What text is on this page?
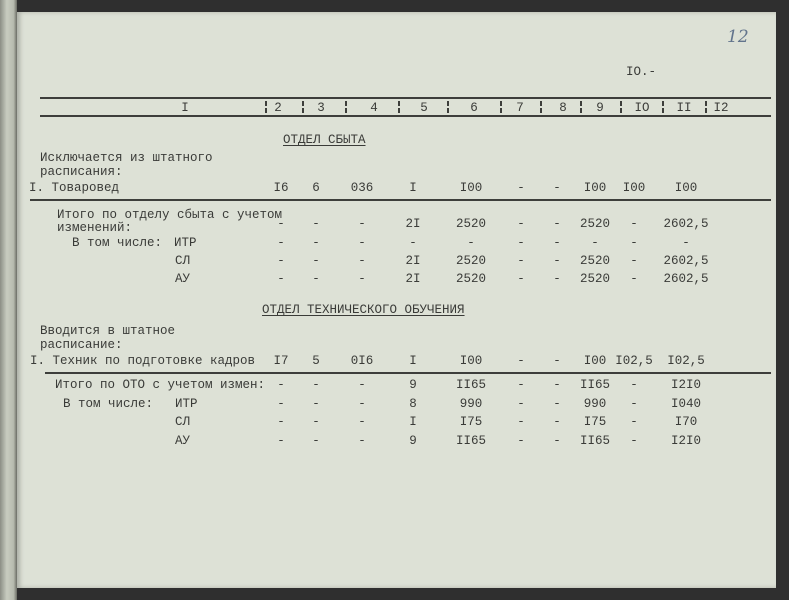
12
IO.-
I	2	3	4	5	6	7	8 9 IO II I2
ОТДЕЛ СБЫТА
Исключается из штатного
расписания:
I. Товаровед	I6 6 036	I	I00	- - I00 I00 I00
Итого по отделу сбыта с учетом
изменений:	- -	-	2I	2520 - - 2520 - 2602,5
В том числе: ИТР	- -	-	-	-	- - -	-	-
СЛ	- -	-	2I	2520 - - 2520 - 2602,5
АУ	- -	-	2I	2520 - - 2520 - 2602,5
ОТДЕЛ ТЕХНИЧЕСКОГО ОБУЧЕНИЯ
Вводится в штатное
расписание:
I. Техник по подготовке кадров I7 5 0I6	I	I00	- - I00 I02,5 I02,5
Итого по ОТО с учетом измен: - -	-	9	II65 - - II65 -	I2I0
В том числе: ИТР	- -	-	8	990	- - 990 -	I040
СЛ	- -	-	I	I75	- - I75 -	I70
АУ	- -	-	9	II65 - - II65 -	I2I0
